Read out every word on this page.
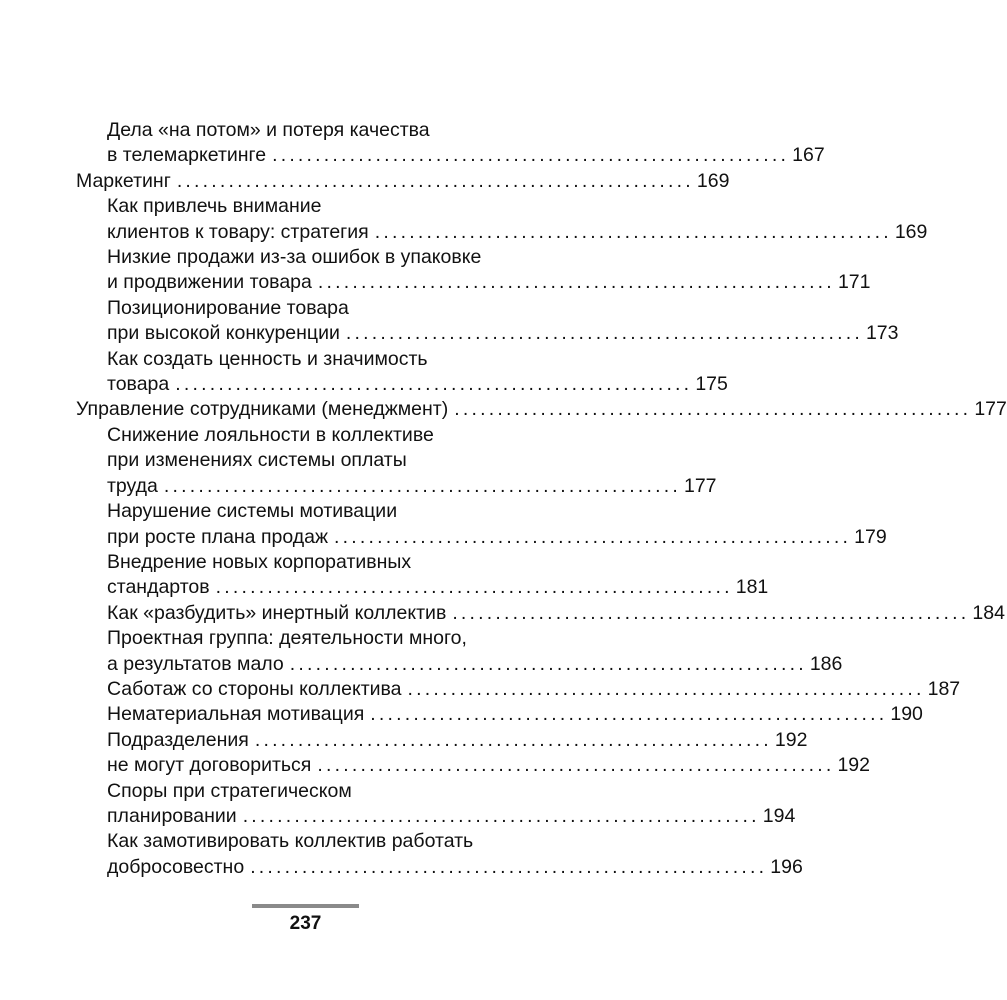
Дела «на потом» и потеря качества
в телемаркетинге ............................................................ 167
Маркетинг ............................................................ 169
Как привлечь внимание
клиентов к товару: стратегия ............................................................ 169
Низкие продажи из-за ошибок в упаковке
и продвижении товара ............................................................ 171
Позиционирование товара
при высокой конкуренции ............................................................ 173
Как создать ценность и значимость
товара ............................................................ 175
Управление сотрудниками (менеджмент) ............................................................ 177
Снижение лояльности в коллективе
при изменениях системы оплаты
труда ............................................................ 177
Нарушение системы мотивации
при росте плана продаж ............................................................ 179
Внедрение новых корпоративных
стандартов ............................................................ 181
Как «разбудить» инертный коллектив ............................................................ 184
Проектная группа: деятельности много,
а результатов мало ............................................................ 186
Саботаж со стороны коллектива ............................................................ 187
Нематериальная мотивация ............................................................ 190
Подразделения ............................................................ 192
не могут договориться ............................................................ 192
Споры при стратегическом
планировании ............................................................ 194
Как замотивировать коллектив работать
добросовестно ............................................................ 196
237
